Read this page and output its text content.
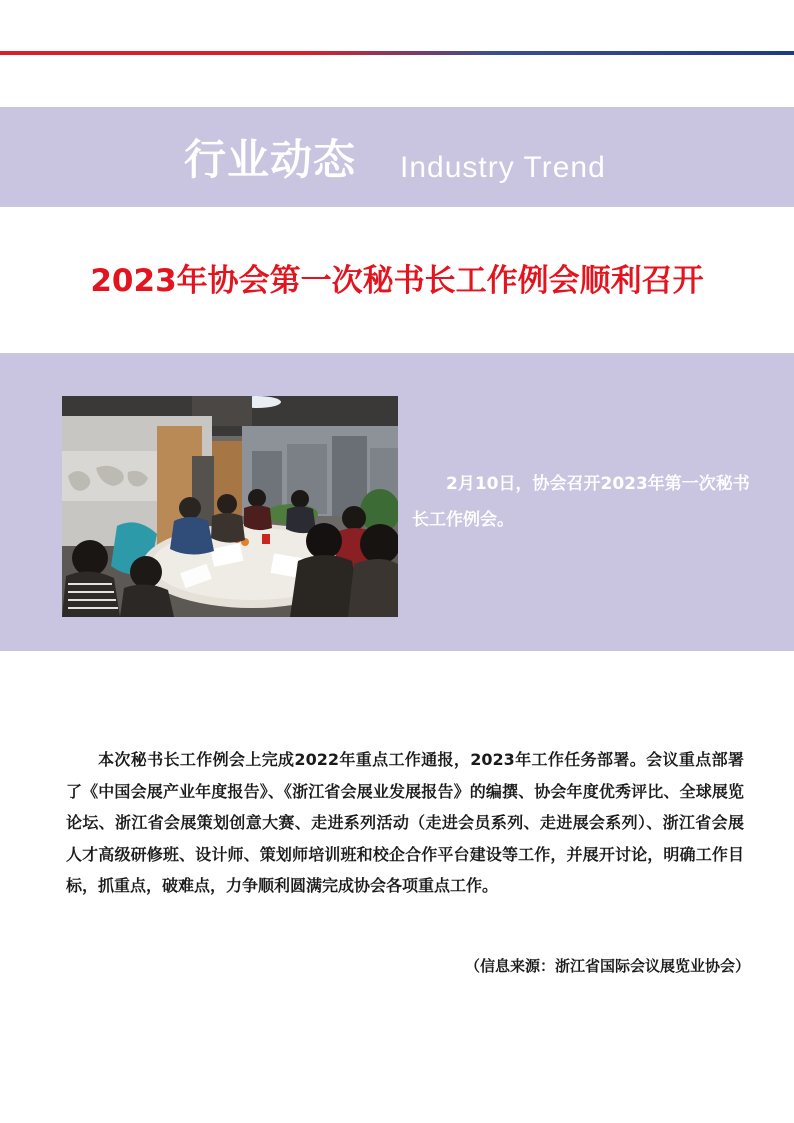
行业动态 Industry Trend
2023年协会第一次秘书长工作例会顺利召开
2月10日，协会召开2023年第一次秘书长工作例会。
本次秘书长工作例会上完成2022年重点工作通报，2023年工作任务部署。会议重点部署了《中国会展产业年度报告》、《浙江省会展业发展报告》的编撰、协会年度优秀评比、全球展览论坛、浙江省会展策划创意大赛、走进系列活动（走进会员系列、走进展会系列）、浙江省会展人才高级研修班、设计师、策划师培训班和校企合作平台建设等工作，并展开讨论，明确工作目标，抓重点，破难点，力争顺利圆满完成协会各项重点工作。
（信息来源：浙江省国际会议展览业协会）
